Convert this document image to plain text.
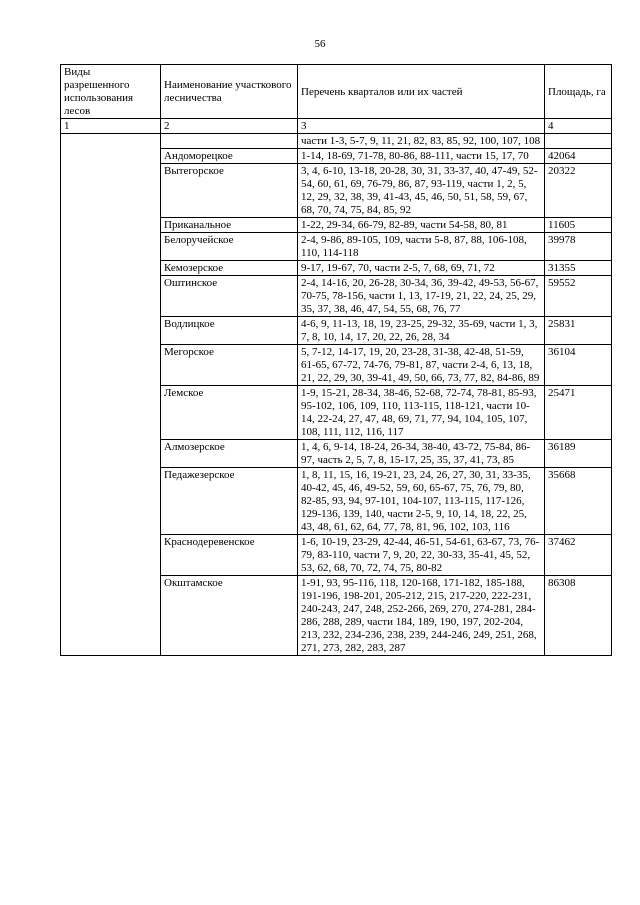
56
Виды разрешенного использования лесов	Наименование участкового лесничества	Перечень кварталов или их частей	Площадь, га
1	2	3	4
		части 1-3, 5-7, 9, 11, 21, 82, 83, 85, 92, 100, 107, 108	
	Андоморецкое	1-14, 18-69, 71-78, 80-86, 88-111, части 15, 17, 70	42064
	Вытегорское	3, 4, 6-10, 13-18, 20-28, 30, 31, 33-37, 40, 47-49, 52-54, 60, 61, 69, 76-79, 86, 87, 93-119, части 1, 2, 5, 12, 29, 32, 38, 39, 41-43, 45, 46, 50, 51, 58, 59, 67, 68, 70, 74, 75, 84, 85, 92	20322
	Приканальное	1-22, 29-34, 66-79, 82-89, части 54-58, 80, 81	11605
	Белоручейское	2-4, 9-86, 89-105, 109, части 5-8, 87, 88, 106-108, 110, 114-118	39978
	Кемозерское	9-17, 19-67, 70, части 2-5, 7, 68, 69, 71, 72	31355
	Оштинское	2-4, 14-16, 20, 26-28, 30-34, 36, 39-42, 49-53, 56-67, 70-75, 78-156, части 1, 13, 17-19, 21, 22, 24, 25, 29, 35, 37, 38, 46, 47, 54, 55, 68, 76, 77	59552
	Водлицкое	4-6, 9, 11-13, 18, 19, 23-25, 29-32, 35-69, части 1, 3, 7, 8, 10, 14, 17, 20, 22, 26, 28, 34	25831
	Мегорское	5, 7-12, 14-17, 19, 20, 23-28, 31-38, 42-48, 51-59, 61-65, 67-72, 74-76, 79-81, 87, части 2-4, 6, 13, 18, 21, 22, 29, 30, 39-41, 49, 50, 66, 73, 77, 82, 84-86, 89	36104
	Лемское	1-9, 15-21, 28-34, 38-46, 52-68, 72-74, 78-81, 85-93, 95-102, 106, 109, 110, 113-115, 118-121, части 10-14, 22-24, 27, 47, 48, 69, 71, 77, 94, 104, 105, 107, 108, 111, 112, 116, 117	25471
	Алмозерское	1, 4, 6, 9-14, 18-24, 26-34, 38-40, 43-72, 75-84, 86-97, часть 2, 5, 7, 8, 15-17, 25, 35, 37, 41, 73, 85	36189
	Педажезерское	1, 8, 11, 15, 16, 19-21, 23, 24, 26, 27, 30, 31, 33-35, 40-42, 45, 46, 49-52, 59, 60, 65-67, 75, 76, 79, 80, 82-85, 93, 94, 97-101, 104-107, 113-115, 117-126, 129-136, 139, 140, части 2-5, 9, 10, 14, 18, 22, 25, 43, 48, 61, 62, 64, 77, 78, 81, 96, 102, 103, 116	35668
	Краснодеревенское	1-6, 10-19, 23-29, 42-44, 46-51, 54-61, 63-67, 73, 76-79, 83-110, части 7, 9, 20, 22, 30-33, 35-41, 45, 52, 53, 62, 68, 70, 72, 74, 75, 80-82	37462
	Окштамское	1-91, 93, 95-116, 118, 120-168, 171-182, 185-188, 191-196, 198-201, 205-212, 215, 217-220, 222-231, 240-243, 247, 248, 252-266, 269, 270, 274-281, 284-286, 288, 289, части 184, 189, 190, 197, 202-204, 213, 232, 234-236, 238, 239, 244-246, 249, 251, 268, 271, 273, 282, 283, 287	86308
